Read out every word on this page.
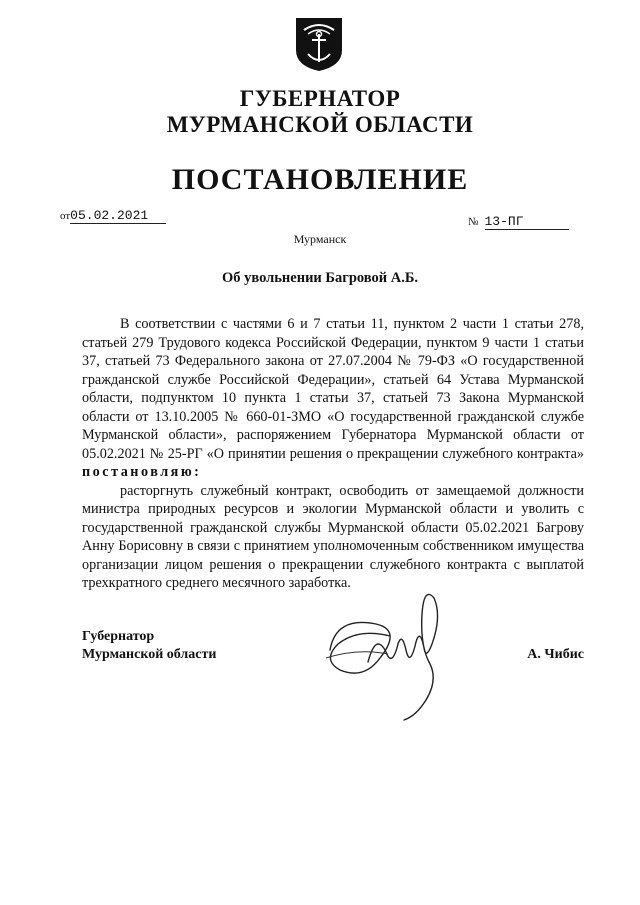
ГУБЕРНАТОР
МУРМАНСКОЙ ОБЛАСТИ
ПОСТАНОВЛЕНИЕ
от05.02.2021	№ 13-ПГ
Мурманск
Об увольнении Багровой А.Б.

В соответствии с частями 6 и 7 статьи 11, пунктом 2 части 1 статьи 278, статьей 279 Трудового кодекса Российской Федерации, пунктом 9 части 1 статьи 37, статьей 73 Федерального закона от 27.07.2004 № 79-ФЗ «О государственной гражданской службе Российской Федерации», статьей 64 Устава Мурманской области, подпунктом 10 пункта 1 статьи 37, статьей 73 Закона Мурманской области от 13.10.2005 № 660-01-ЗМО «О государственной гражданской службе Мурманской области», распоряжением Губернатора Мурманской области от 05.02.2021 № 25-РГ «О принятии решения о прекращении служебного контракта» постановляю:

расторгнуть служебный контракт, освободить от замещаемой должности министра природных ресурсов и экологии Мурманской области и уволить с государственной гражданской службы Мурманской области 05.02.2021 Багрову Анну Борисовну в связи с принятием уполномоченным собственником имущества организации лицом решения о прекращении служебного контракта с выплатой трехкратного среднего месячного заработка.

Губернатор
Мурманской области	А. Чибис
